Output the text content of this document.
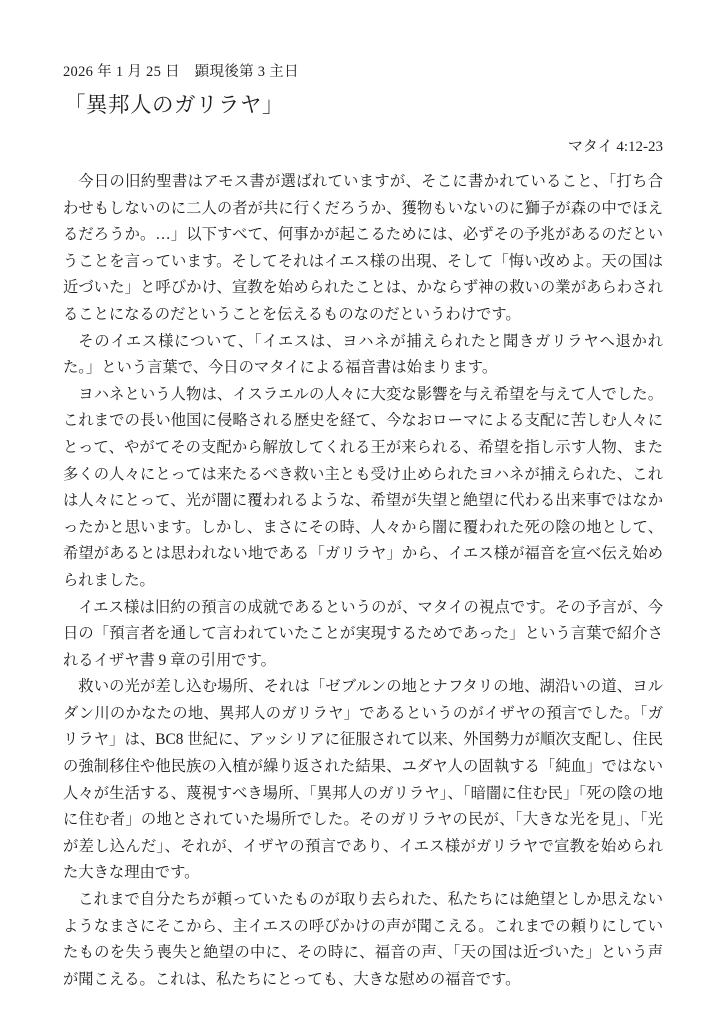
2026 年 1 月 25 日　顕現後第 3 主日
「異邦人のガリラヤ」
マタイ 4:12-23

今日の旧約聖書はアモス書が選ばれていますが、そこに書かれていること、「打ち合わせもしないのに二人の者が共に行くだろうか、獲物もいないのに獅子が森の中でほえるだろうか。…」以下すべて、何事かが起こるためには、必ずその予兆があるのだということを言っています。そしてそれはイエス様の出現、そして「悔い改めよ。天の国は近づいた」と呼びかけ、宣教を始められたことは、かならず神の救いの業があらわされることになるのだということを伝えるものなのだというわけです。

そのイエス様について、「イエスは、ヨハネが捕えられたと聞きガリラヤへ退かれた。」という言葉で、今日のマタイによる福音書は始まります。

ヨハネという人物は、イスラエルの人々に大変な影響を与え希望を与えて人でした。これまでの長い他国に侵略される歴史を経て、今なおローマによる支配に苦しむ人々にとって、やがてその支配から解放してくれる王が来られる、希望を指し示す人物、また多くの人々にとっては来たるべき救い主とも受け止められたヨハネが捕えられた、これは人々にとって、光が闇に覆われるような、希望が失望と絶望に代わる出来事ではなかったかと思います。しかし、まさにその時、人々から闇に覆われた死の陰の地として、希望があるとは思われない地である「ガリラヤ」から、イエス様が福音を宣べ伝え始められました。

イエス様は旧約の預言の成就であるというのが、マタイの視点です。その予言が、今日の「預言者を通して言われていたことが実現するためであった」という言葉で紹介されるイザヤ書 9 章の引用です。

救いの光が差し込む場所、それは「ゼブルンの地とナフタリの地、湖沿いの道、ヨルダン川のかなたの地、異邦人のガリラヤ」であるというのがイザヤの預言でした。「ガリラヤ」は、BC8 世紀に、アッシリアに征服されて以来、外国勢力が順次支配し、住民の強制移住や他民族の入植が繰り返された結果、ユダヤ人の固執する「純血」ではない人々が生活する、蔑視すべき場所、「異邦人のガリラヤ」、「暗闇に住む民」「死の陰の地に住む者」の地とされていた場所でした。そのガリラヤの民が、「大きな光を見」、「光が差し込んだ」、それが、イザヤの預言であり、イエス様がガリラヤで宣教を始められた大きな理由です。

これまで自分たちが頼っていたものが取り去られた、私たちには絶望としか思えないようなまさにそこから、主イエスの呼びかけの声が聞こえる。これまでの頼りにしていたものを失う喪失と絶望の中に、その時に、福音の声、「天の国は近づいた」という声が聞こえる。これは、私たちにとっても、大きな慰めの福音です。
